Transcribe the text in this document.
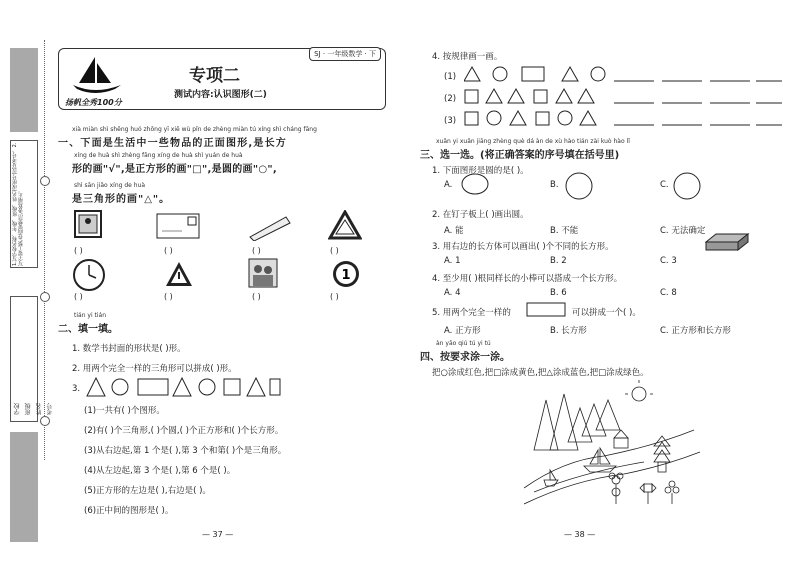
1.写学校名称、年级、班级、姓名(或座号)以及考号。2.写字要工整,卷面要整洁,書寫端正。
学校 班级 姓名 考号
SJ · 一年级数学 · 下
扬帆全秀100分
专项二
测试内容:认识图形(二)
xià miàn shì shēng huó zhōng yī xiē wù pǐn de zhèng miàn tú xíng shì cháng fāng
一、下面是生活中一些物品的正面图形,是长方
xíng de huà shì zhèng fāng xíng de huà shì yuán de huà
形的画"√",是正方形的画"□",是圆的画"○",
shì sān jiǎo xíng de huà
是三角形的画"△"。
( )	( )	( )	( )
1
( )	( )	( )	( )
tián yi tián
二、填一填。
1. 数学书封面的形状是( )形。
2. 用两个完全一样的三角形可以拼成( )形。
3.
(1)一共有( )个图形。
(2)有( )个三角形,( )个圆,( )个正方形和( )个长方形。
(3)从右边起,第 1 个是( ),第 3 个和第( )个是三角形。
(4)从左边起,第 3 个是( ),第 6 个是( )。
(5)正方形的左边是( ),右边是( )。
(6)正中间的图形是( )。
— 37 —
4. 按规律画一画。
(1)
(2)
(3)
xuǎn yi xuǎn jiāng zhèng què dá àn de xù hào tián zài kuò hào lǐ
三、选一选。(将正确答案的序号填在括号里)
1. 下面图形是圆的是( )。
A.	B.	C.
2. 在钉子板上( )画出圆。
A. 能	B. 不能	C. 无法确定
3. 用右边的长方体可以画出( )个不同的长方形。
A. 1	B. 2	C. 3
4. 至少用( )根同样长的小棒可以搭成一个长方形。
A. 4	B. 6	C. 8
5. 用两个完全一样的	可以拼成一个( )。
A. 正方形	B. 长方形	C. 正方形和长方形
àn yāo qiú tú yi tú
四、按要求涂一涂。
把○涂成红色,把□涂成黄色,把△涂成蓝色,把□涂成绿色。
— 38 —
